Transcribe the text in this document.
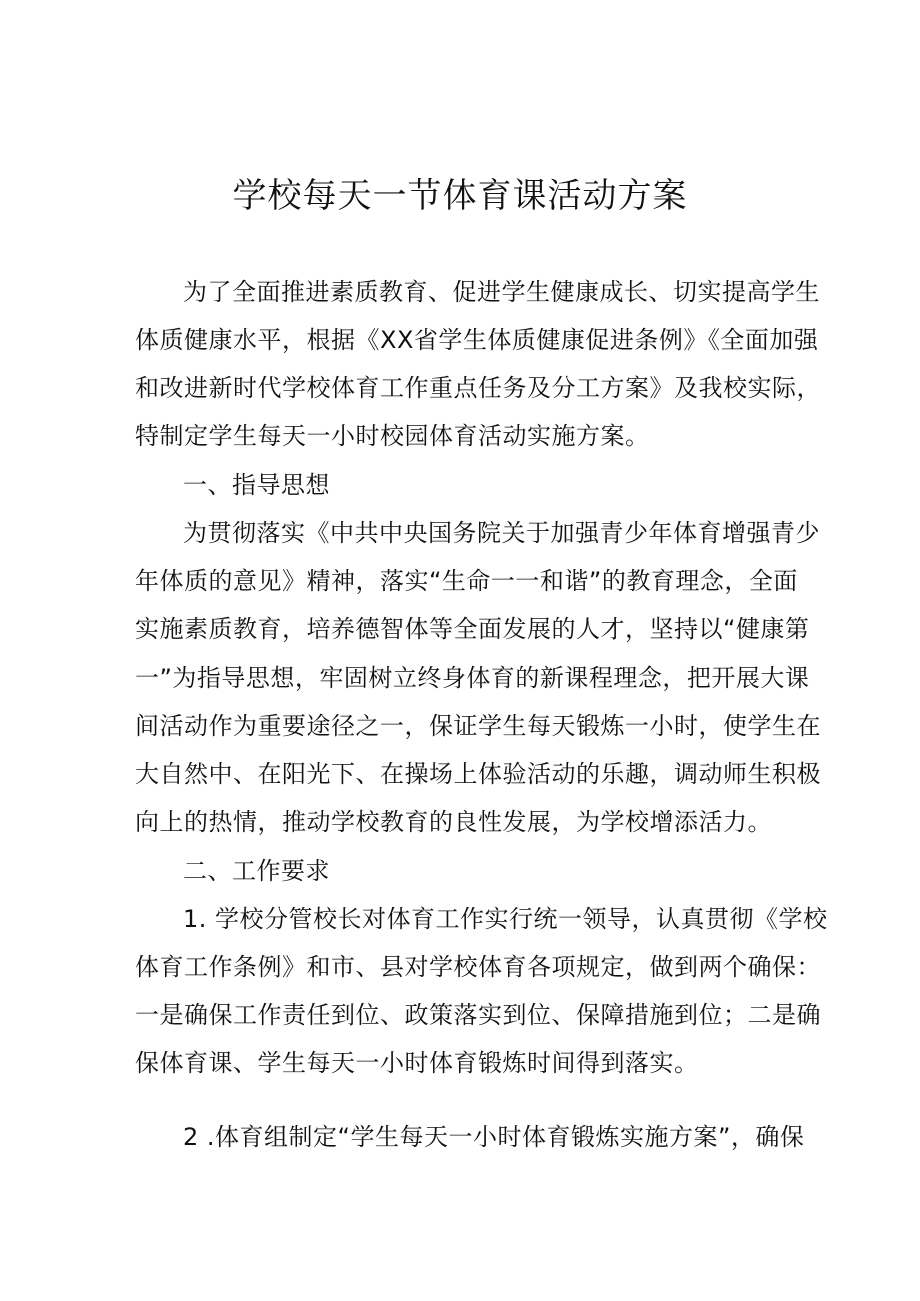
学校每天一节体育课活动方案
为了全面推进素质教育、促进学生健康成长、切实提高学生
体质健康水平，根据《XX省学生体质健康促进条例》《全面加强
和改进新时代学校体育工作重点任务及分工方案》及我校实际，
特制定学生每天一小时校园体育活动实施方案。
一、指导思想
为贯彻落实《中共中央国务院关于加强青少年体育增强青少
年体质的意见》精神，落实“生命一一和谐”的教育理念，全面
实施素质教育，培养德智体等全面发展的人才，坚持以“健康第
一”为指导思想，牢固树立终身体育的新课程理念，把开展大课
间活动作为重要途径之一，保证学生每天锻炼一小时，使学生在
大自然中、在阳光下、在操场上体验活动的乐趣，调动师生积极
向上的热情，推动学校教育的良性发展，为学校增添活力。
二、工作要求
1. 学校分管校长对体育工作实行统一领导，认真贯彻《学校
体育工作条例》和市、县对学校体育各项规定，做到两个确保：
一是确保工作责任到位、政策落实到位、保障措施到位；二是确
保体育课、学生每天一小时体育锻炼时间得到落实。
2 .体育组制定“学生每天一小时体育锻炼实施方案”，确保
